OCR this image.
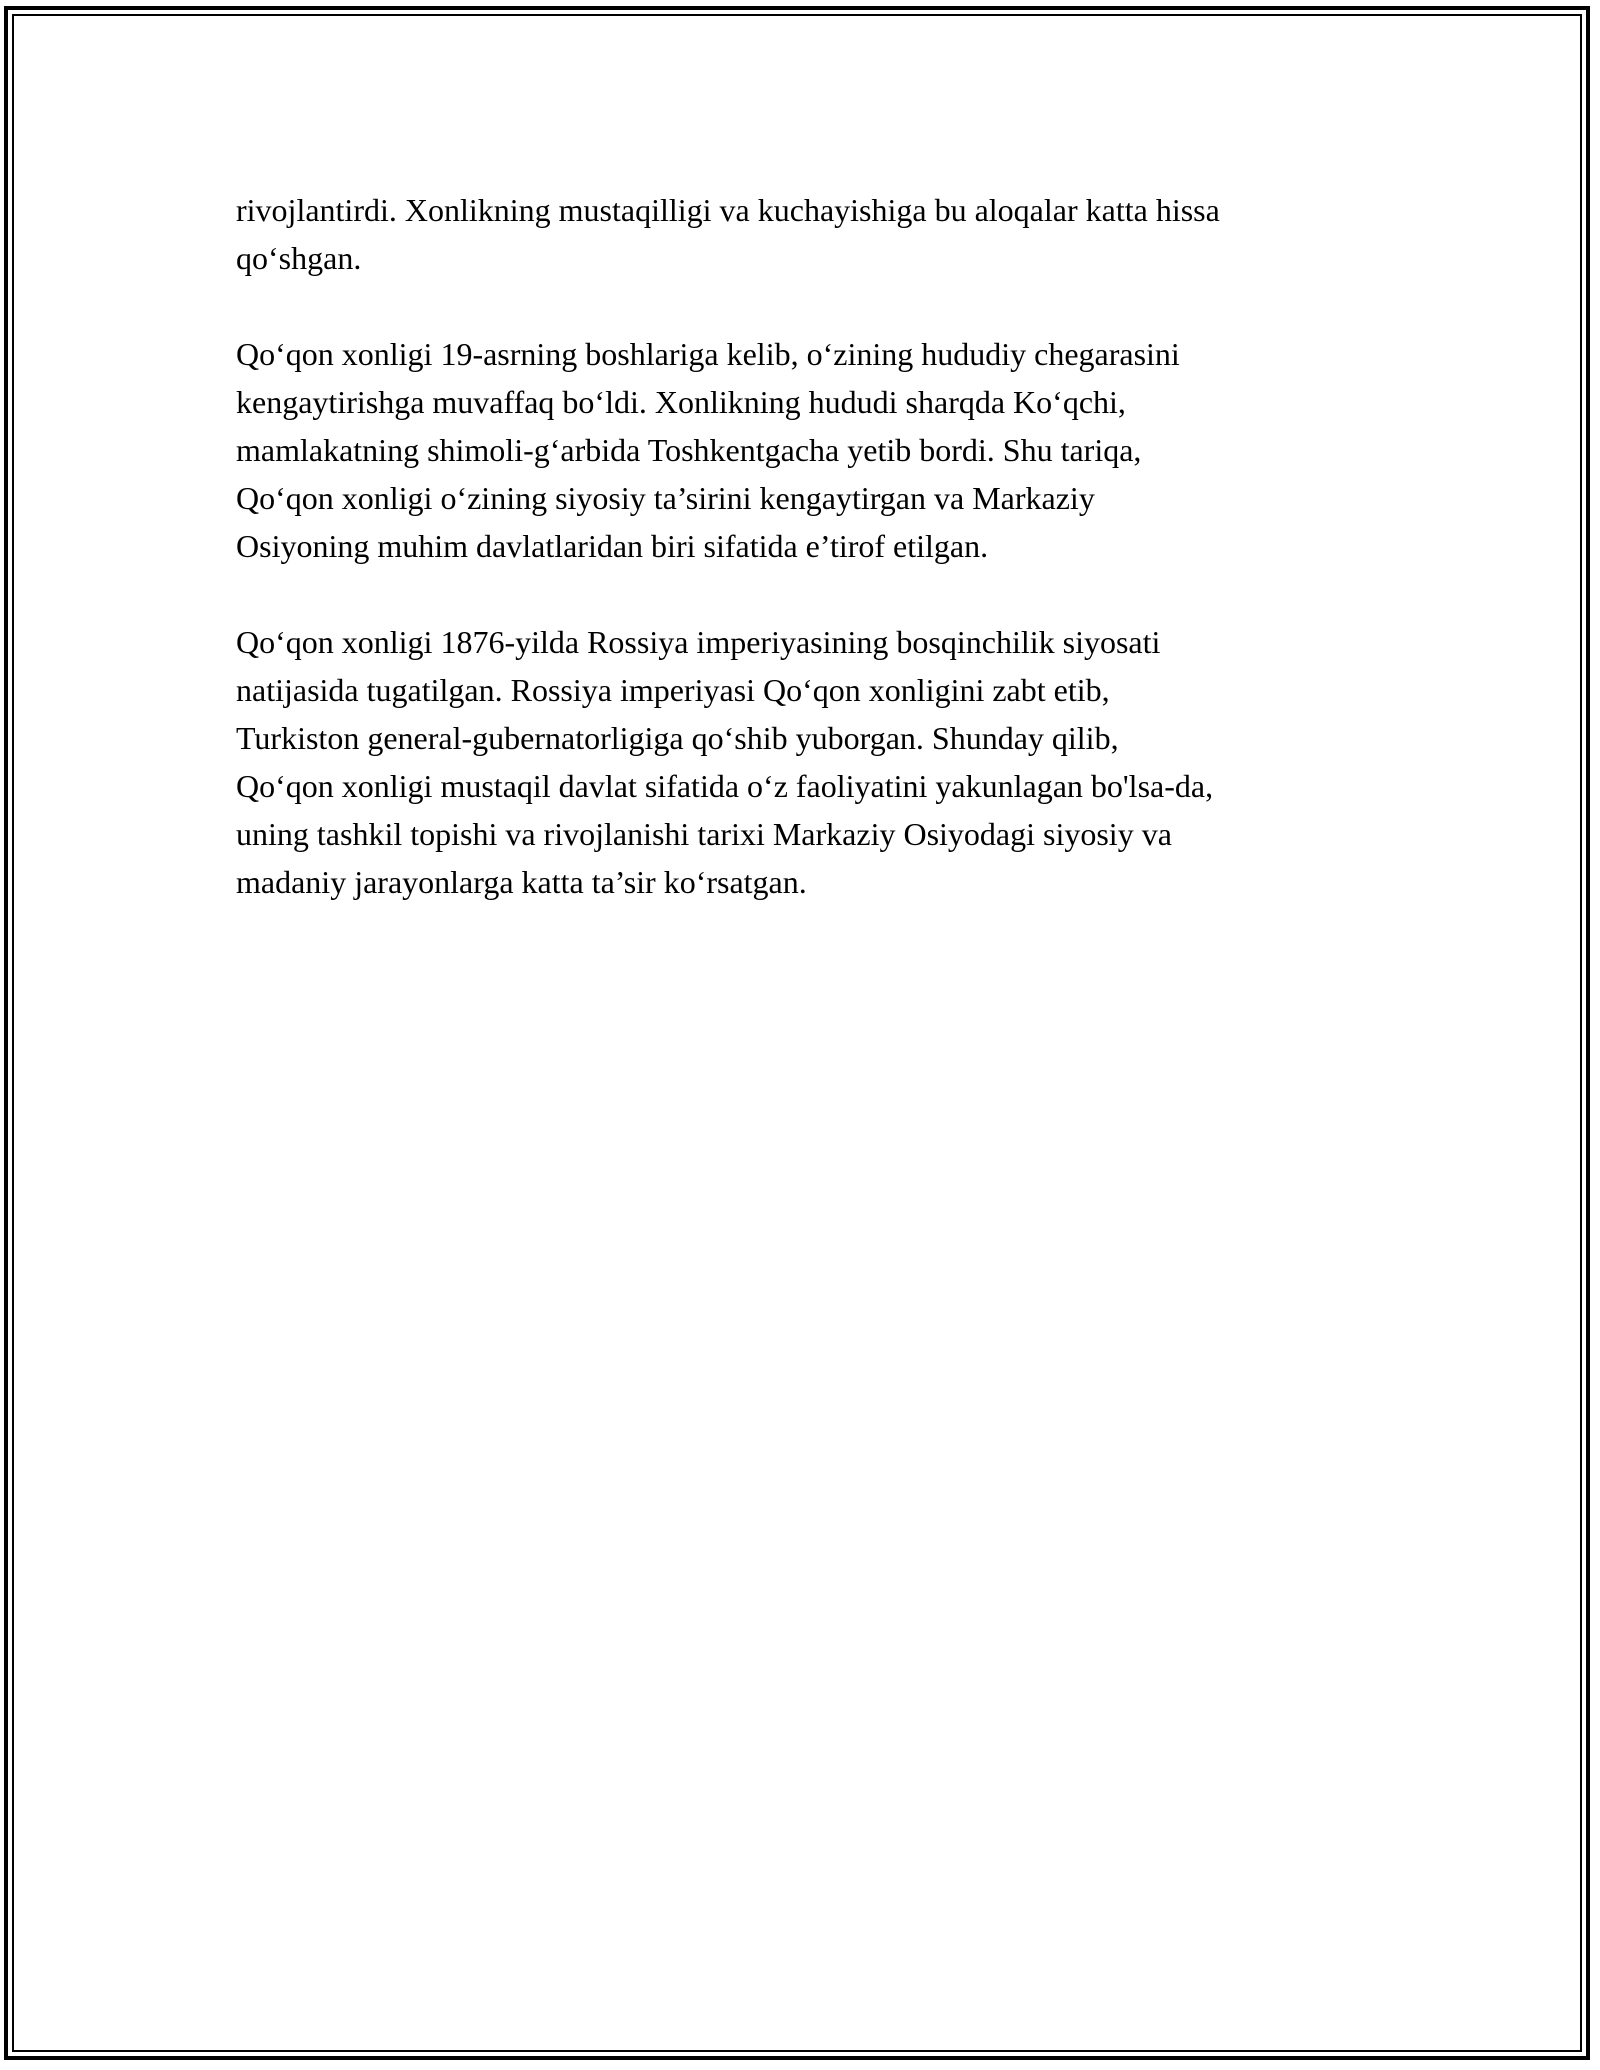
rivojlantirdi. Xonlikning mustaqilligi va kuchayishiga bu aloqalar katta hissa
qo‘shgan.

Qo‘qon xonligi 19-asrning boshlariga kelib, o‘zining hududiy chegarasini
kengaytirishga muvaffaq bo‘ldi. Xonlikning hududi sharqda Ko‘qchi,
mamlakatning shimoli-g‘arbida Toshkentgacha yetib bordi. Shu tariqa,
Qo‘qon xonligi o‘zining siyosiy ta’sirini kengaytirgan va Markaziy
Osiyoning muhim davlatlaridan biri sifatida e’tirof etilgan.

Qo‘qon xonligi 1876-yilda Rossiya imperiyasining bosqinchilik siyosati
natijasida tugatilgan. Rossiya imperiyasi Qo‘qon xonligini zabt etib,
Turkiston general-gubernatorligiga qo‘shib yuborgan. Shunday qilib,
Qo‘qon xonligi mustaqil davlat sifatida o‘z faoliyatini yakunlagan bo'lsa-da,
uning tashkil topishi va rivojlanishi tarixi Markaziy Osiyodagi siyosiy va
madaniy jarayonlarga katta ta’sir ko‘rsatgan.
